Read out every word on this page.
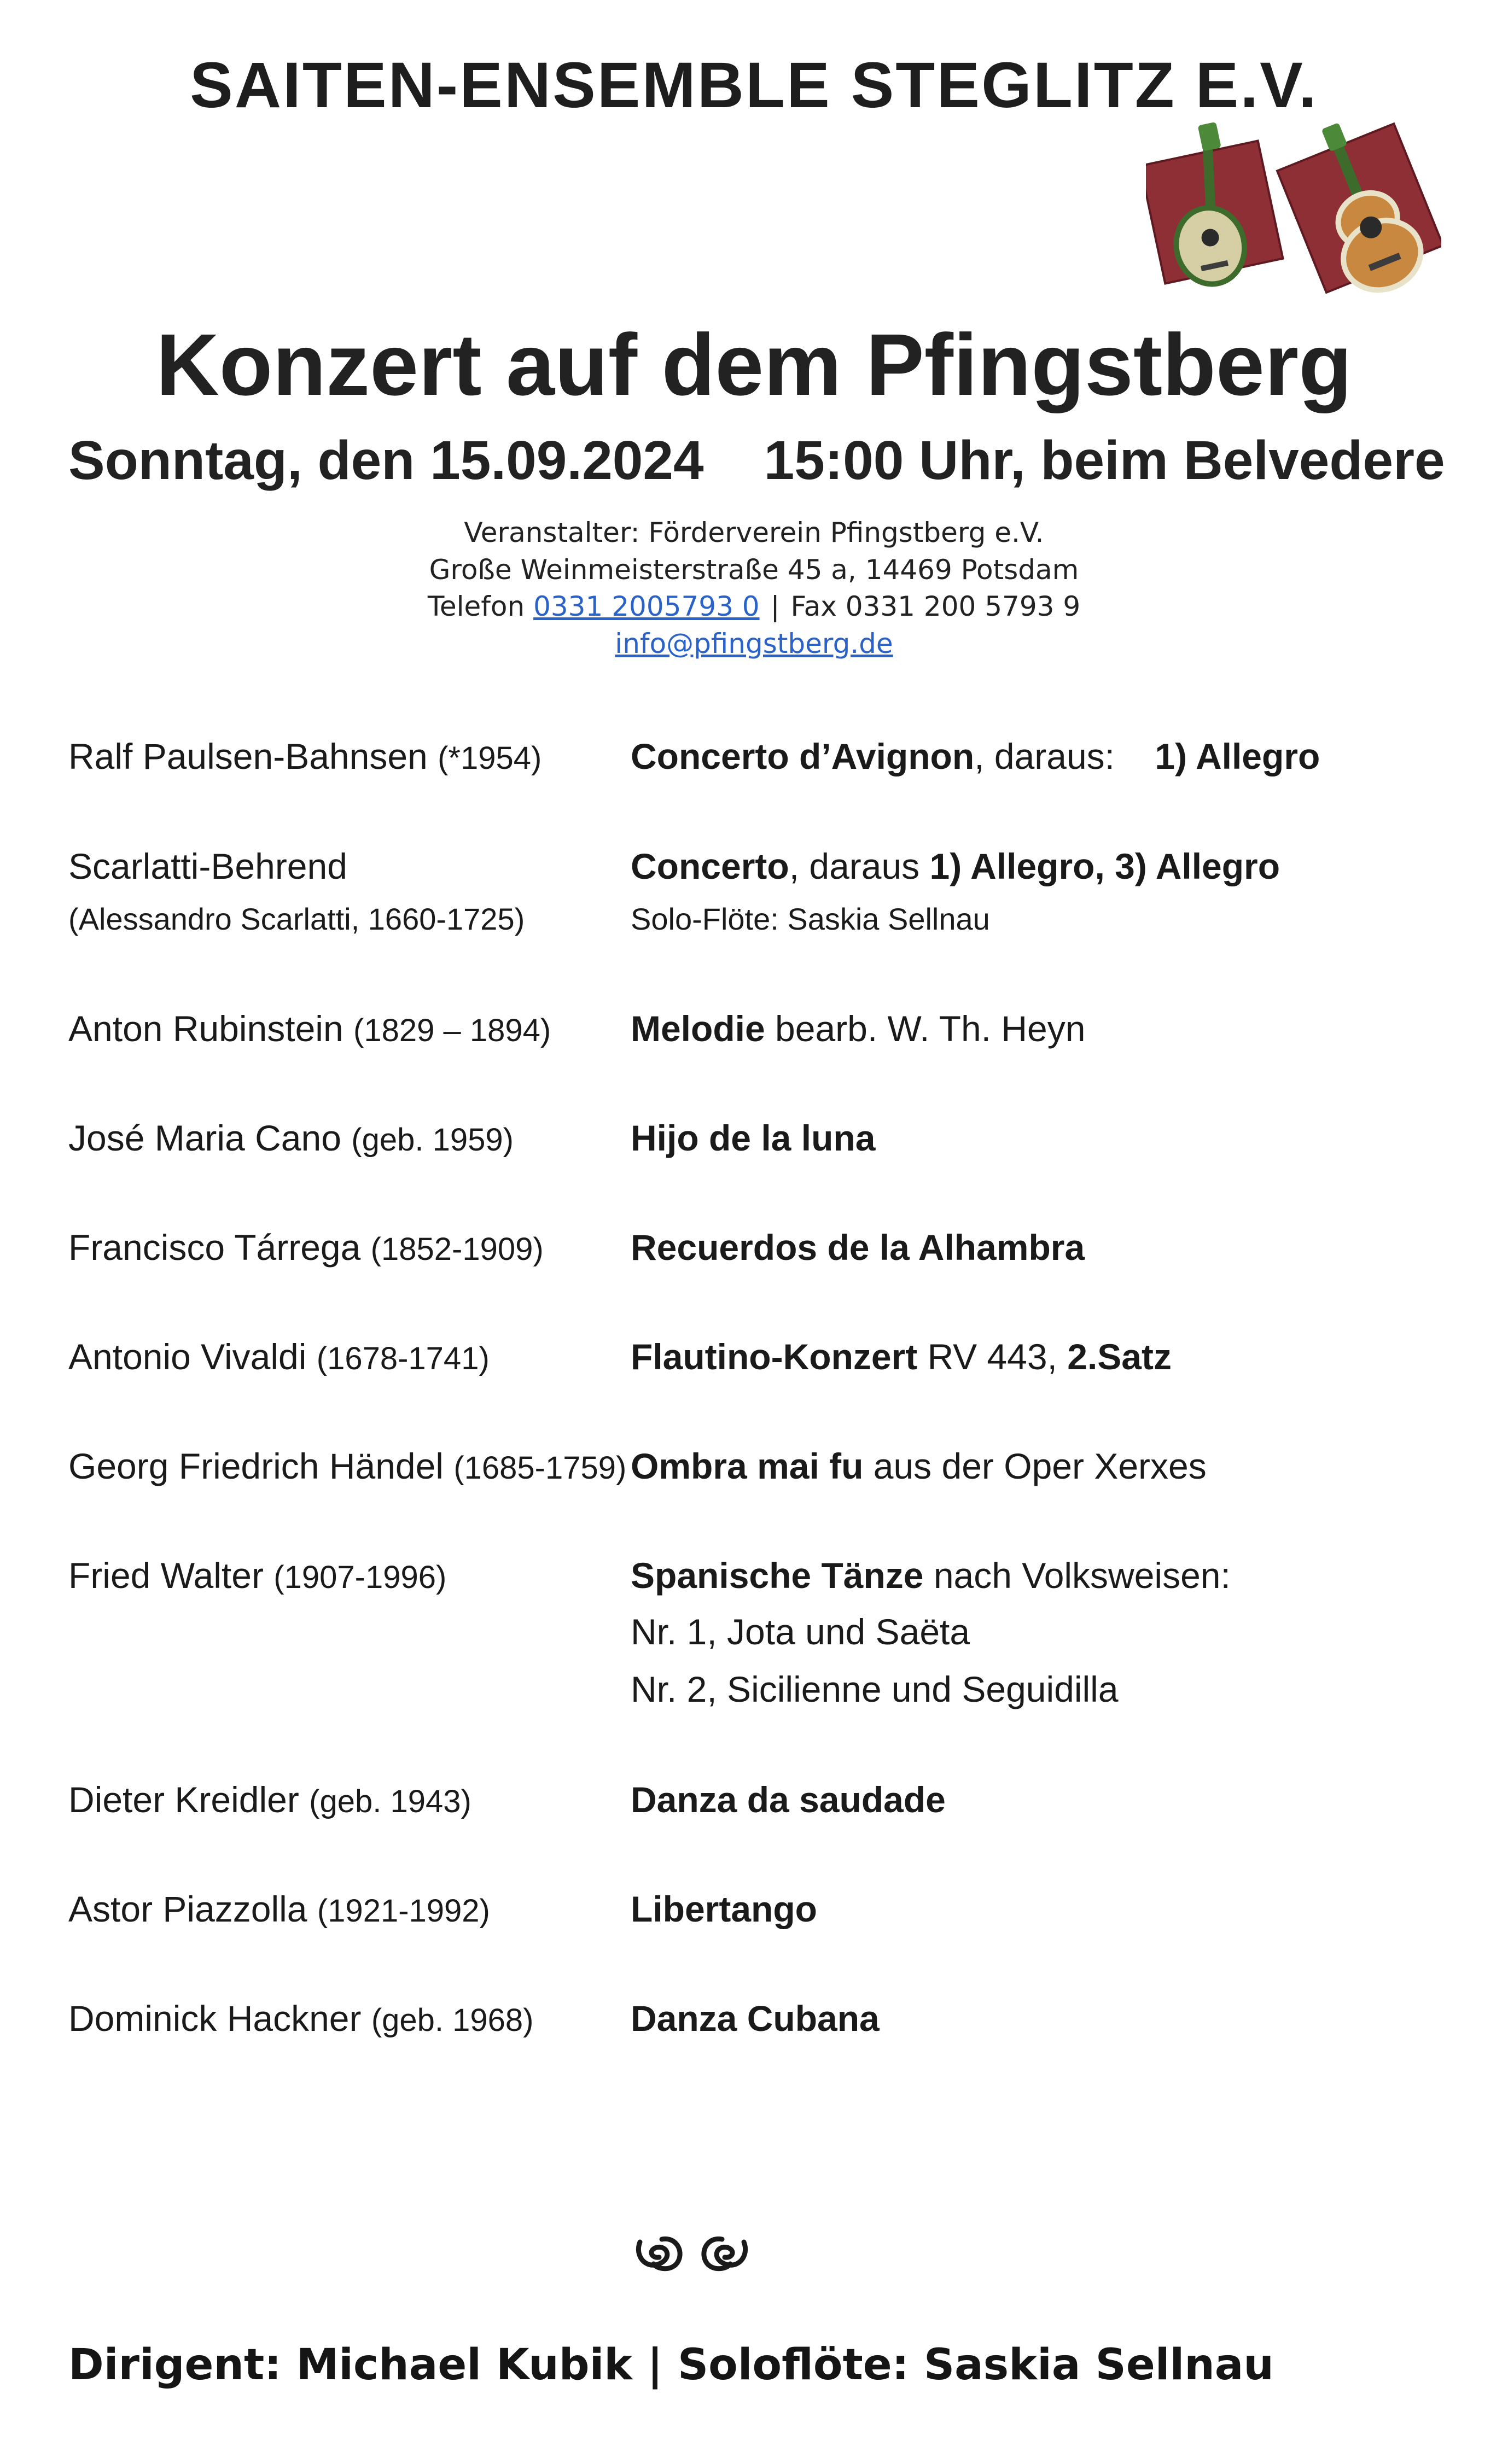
SAITEN-ENSEMBLE STEGLITZ E.V.
Konzert auf dem Pfingstberg
Sonntag, den 15.09.2024 15:00 Uhr, beim Belvedere
Veranstalter: Förderverein Pfingstberg e.V.
Große Weinmeisterstraße 45 a, 14469 Potsdam
Telefon 0331 2005793 0 | Fax 0331 200 5793 9
info@pfingstberg.de
Ralf Paulsen-Bahnsen (*1954) Concerto d’Avignon, daraus: 1) Allegro
Scarlatti-Behrend	Concerto, daraus 1) Allegro, 3) Allegro
(Alessandro Scarlatti, 1660-1725)	Solo-Flöte: Saskia Sellnau
Anton Rubinstein (1829 – 1894) Melodie bearb. W. Th. Heyn
José Maria Cano (geb. 1959)	Hijo de la luna
Francisco Tárrega (1852-1909) Recuerdos de la Alhambra
Antonio Vivaldi (1678-1741)	Flautino-Konzert RV 443, 2.Satz
Georg Friedrich Händel (1685-1759) Ombra mai fu aus der Oper Xerxes
Fried Walter (1907-1996)	Spanische Tänze nach Volksweisen:
Nr. 1, Jota und Saëta
Nr. 2, Sicilienne und Seguidilla
Dieter Kreidler (geb. 1943)	Danza da saudade
Astor Piazzolla (1921-1992)	Libertango
Dominick Hackner (geb. 1968)	Danza Cubana
Dirigent: Michael Kubik | Soloflöte: Saskia Sellnau
